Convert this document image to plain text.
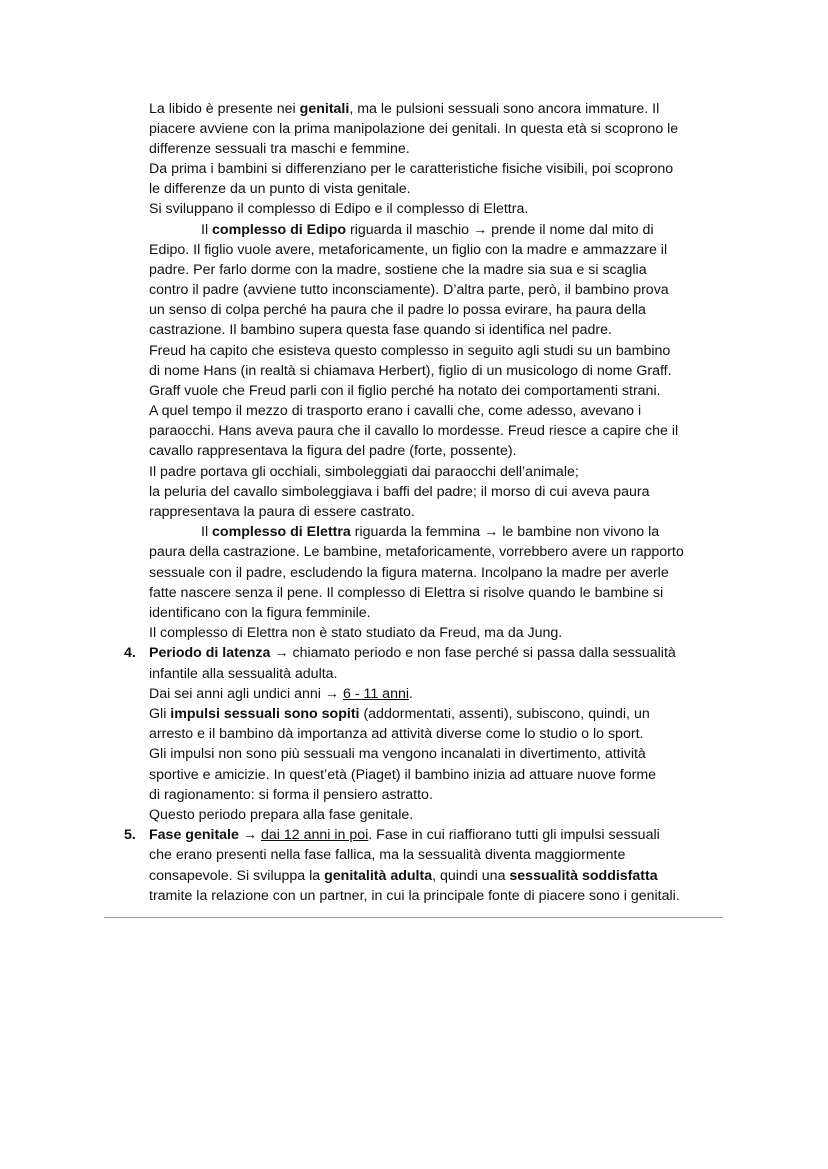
La libido è presente nei genitali, ma le pulsioni sessuali sono ancora immature. Il
piacere avviene con la prima manipolazione dei genitali. In questa età si scoprono le
differenze sessuali tra maschi e femmine.
Da prima i bambini si differenziano per le caratteristiche fisiche visibili, poi scoprono
le differenze da un punto di vista genitale.
Si sviluppano il complesso di Edipo e il complesso di Elettra.
Il complesso di Edipo riguarda il maschio → prende il nome dal mito di
Edipo. Il figlio vuole avere, metaforicamente, un figlio con la madre e ammazzare il
padre. Per farlo dorme con la madre, sostiene che la madre sia sua e si scaglia
contro il padre (avviene tutto inconsciamente). D’altra parte, però, il bambino prova
un senso di colpa perché ha paura che il padre lo possa evirare, ha paura della
castrazione. Il bambino supera questa fase quando si identifica nel padre.
Freud ha capito che esisteva questo complesso in seguito agli studi su un bambino
di nome Hans (in realtà si chiamava Herbert), figlio di un musicologo di nome Graff.
Graff vuole che Freud parli con il figlio perché ha notato dei comportamenti strani.
A quel tempo il mezzo di trasporto erano i cavalli che, come adesso, avevano i
paraocchi. Hans aveva paura che il cavallo lo mordesse. Freud riesce a capire che il
cavallo rappresentava la figura del padre (forte, possente).
Il padre portava gli occhiali, simboleggiati dai paraocchi dell’animale;
la peluria del cavallo simboleggiava i baffi del padre; il morso di cui aveva paura
rappresentava la paura di essere castrato.
Il complesso di Elettra riguarda la femmina → le bambine non vivono la
paura della castrazione. Le bambine, metaforicamente, vorrebbero avere un rapporto
sessuale con il padre, escludendo la figura materna. Incolpano la madre per averle
fatte nascere senza il pene. Il complesso di Elettra si risolve quando le bambine si
identificano con la figura femminile.
Il complesso di Elettra non è stato studiato da Freud, ma da Jung.
4. Periodo di latenza → chiamato periodo e non fase perché si passa dalla sessualità
infantile alla sessualità adulta.
Dai sei anni agli undici anni → 6 - 11 anni.
Gli impulsi sessuali sono sopiti (addormentati, assenti), subiscono, quindi, un
arresto e il bambino dà importanza ad attività diverse come lo studio o lo sport.
Gli impulsi non sono più sessuali ma vengono incanalati in divertimento, attività
sportive e amicizie. In quest’età (Piaget) il bambino inizia ad attuare nuove forme
di ragionamento: si forma il pensiero astratto.
Questo periodo prepara alla fase genitale.
5. Fase genitale → dai 12 anni in poi. Fase in cui riaffiorano tutti gli impulsi sessuali
che erano presenti nella fase fallica, ma la sessualità diventa maggiormente
consapevole. Si sviluppa la genitalità adulta, quindi una sessualità soddisfatta
tramite la relazione con un partner, in cui la principale fonte di piacere sono i genitali.
